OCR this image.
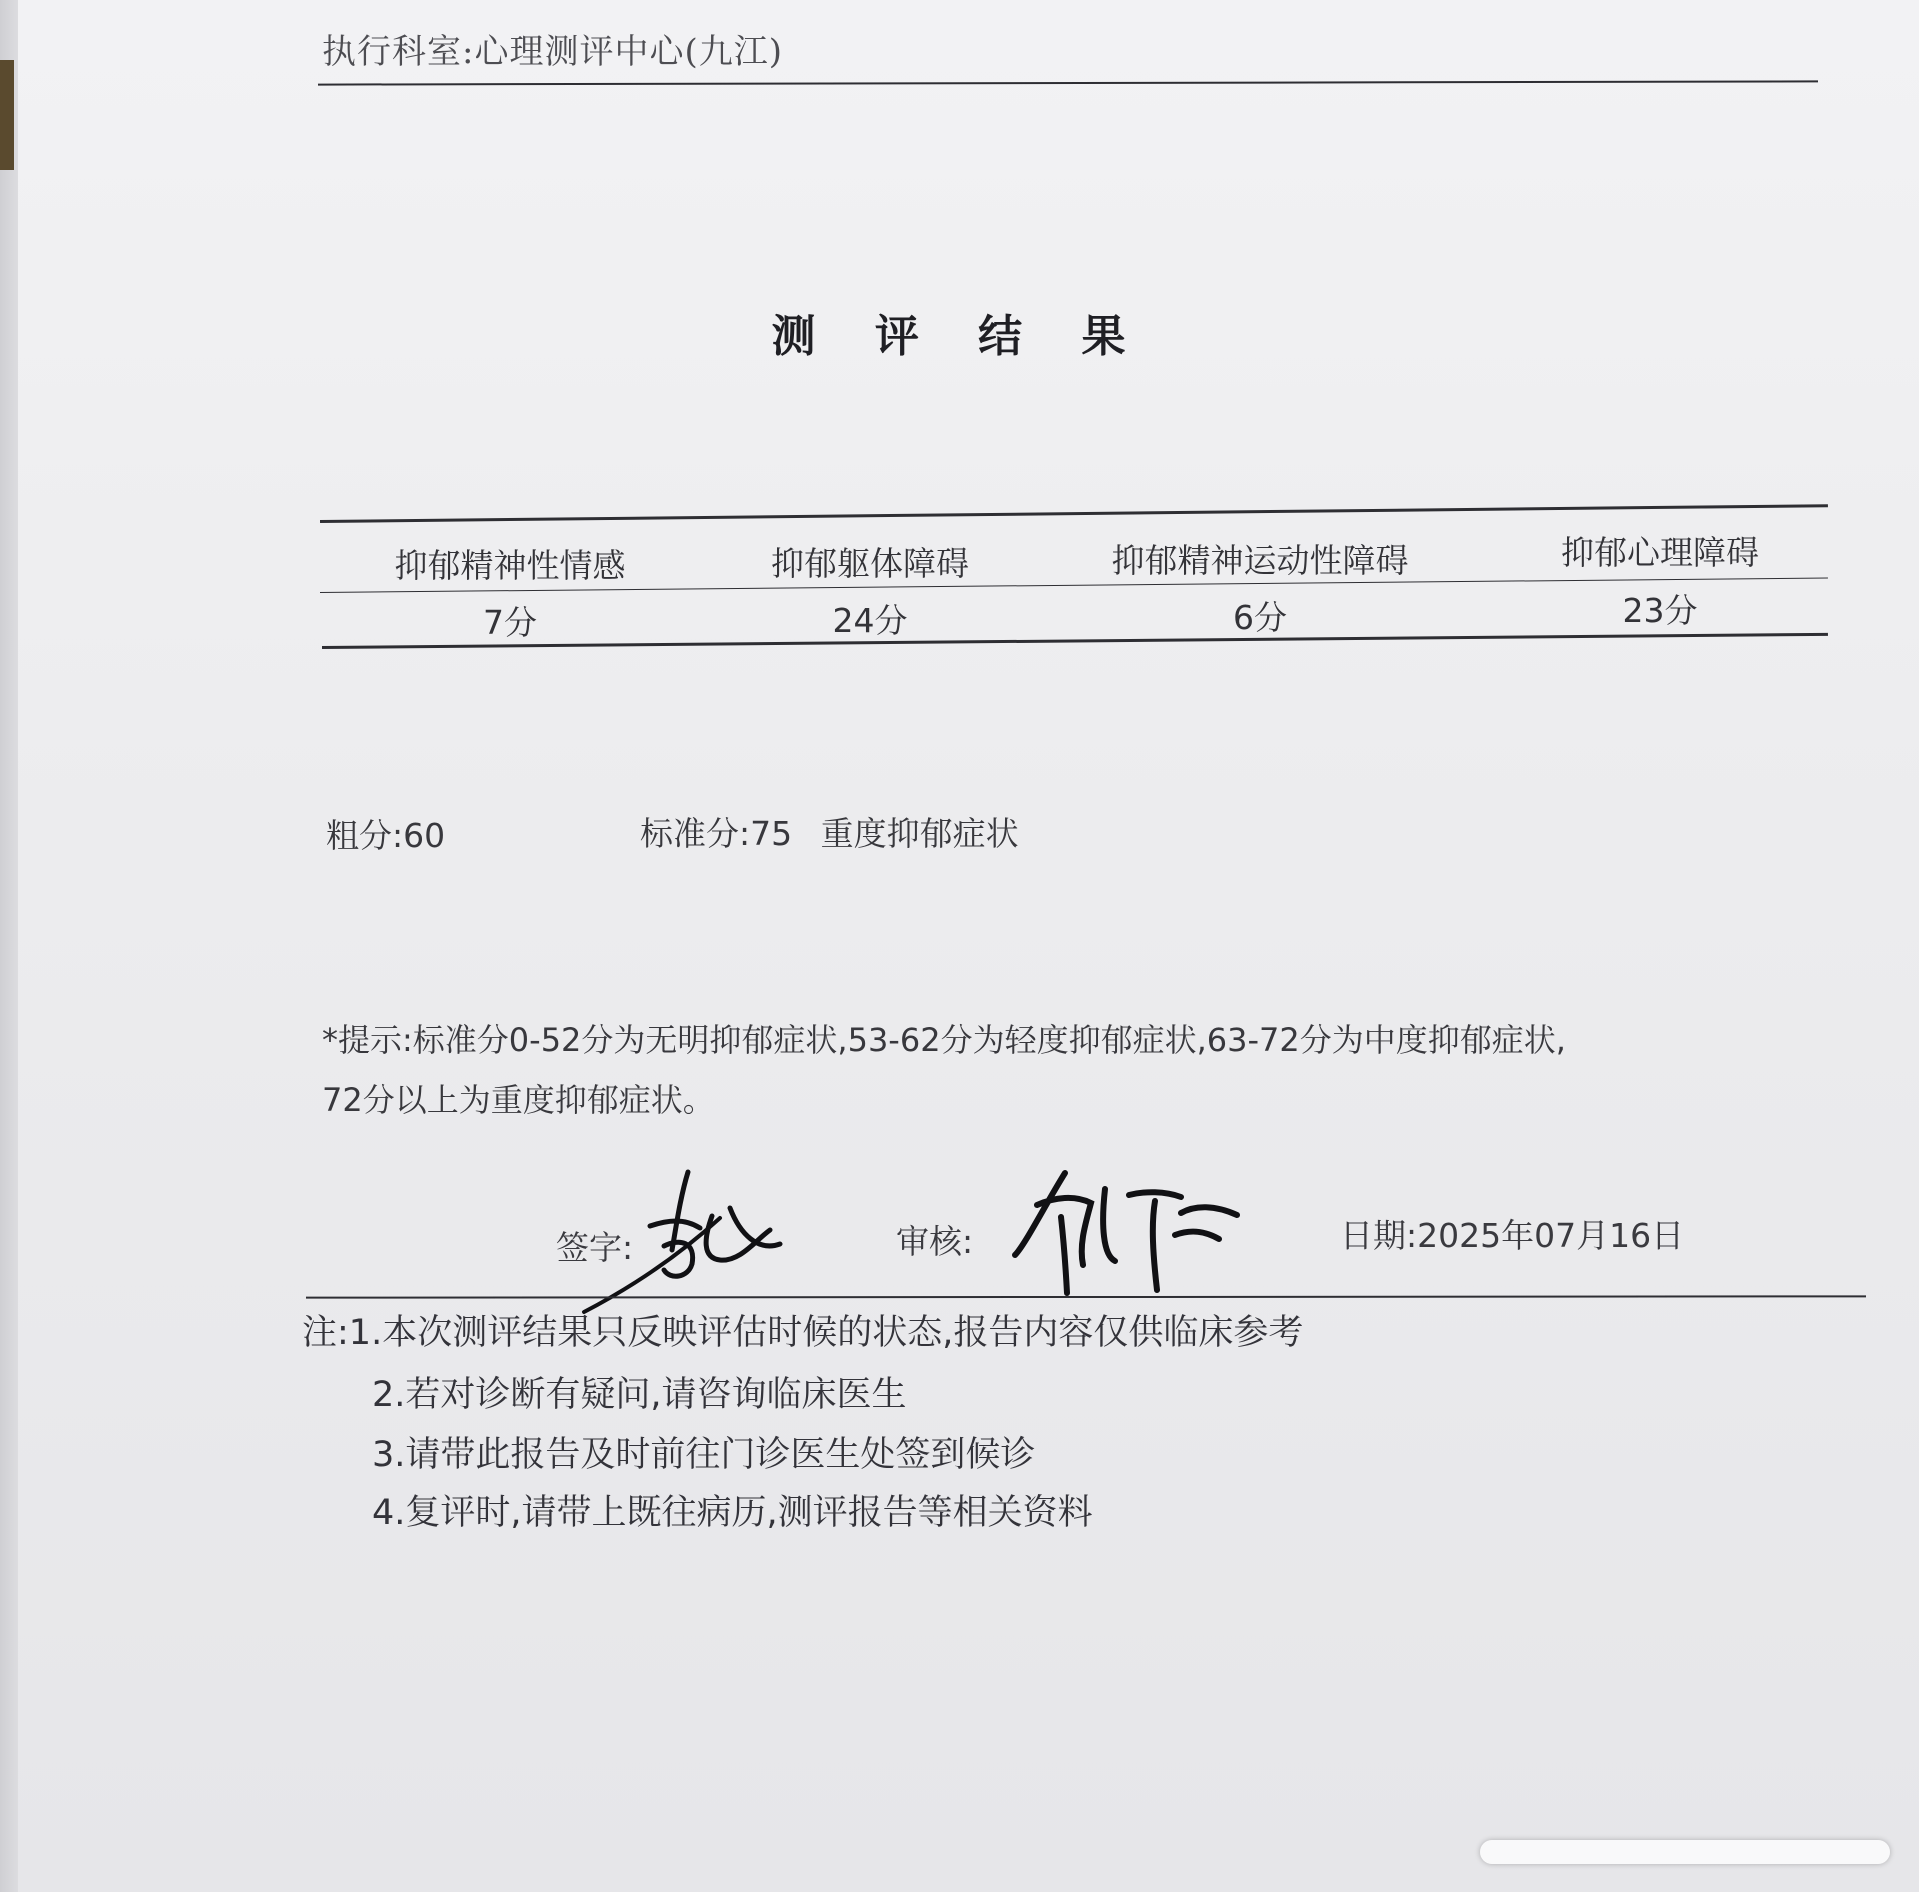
执行科室:心理测评中心(九江)
测 评 结 果
抑郁精神性情感	抑郁躯体障碍	抑郁精神运动性障碍	抑郁心理障碍
7分	24分	6分	23分
粗分:60	标准分:75 重度抑郁症状
*提示:标准分0-52分为无明抑郁症状,53-62分为轻度抑郁症状,63-72分为中度抑郁症状,
72分以上为重度抑郁症状。
签字:	审核:	日期:2025年07月16日
注:1.本次测评结果只反映评估时候的状态,报告内容仅供临床参考
2.若对诊断有疑问,请咨询临床医生
3.请带此报告及时前往门诊医生处签到候诊
4.复评时,请带上既往病历,测评报告等相关资料
